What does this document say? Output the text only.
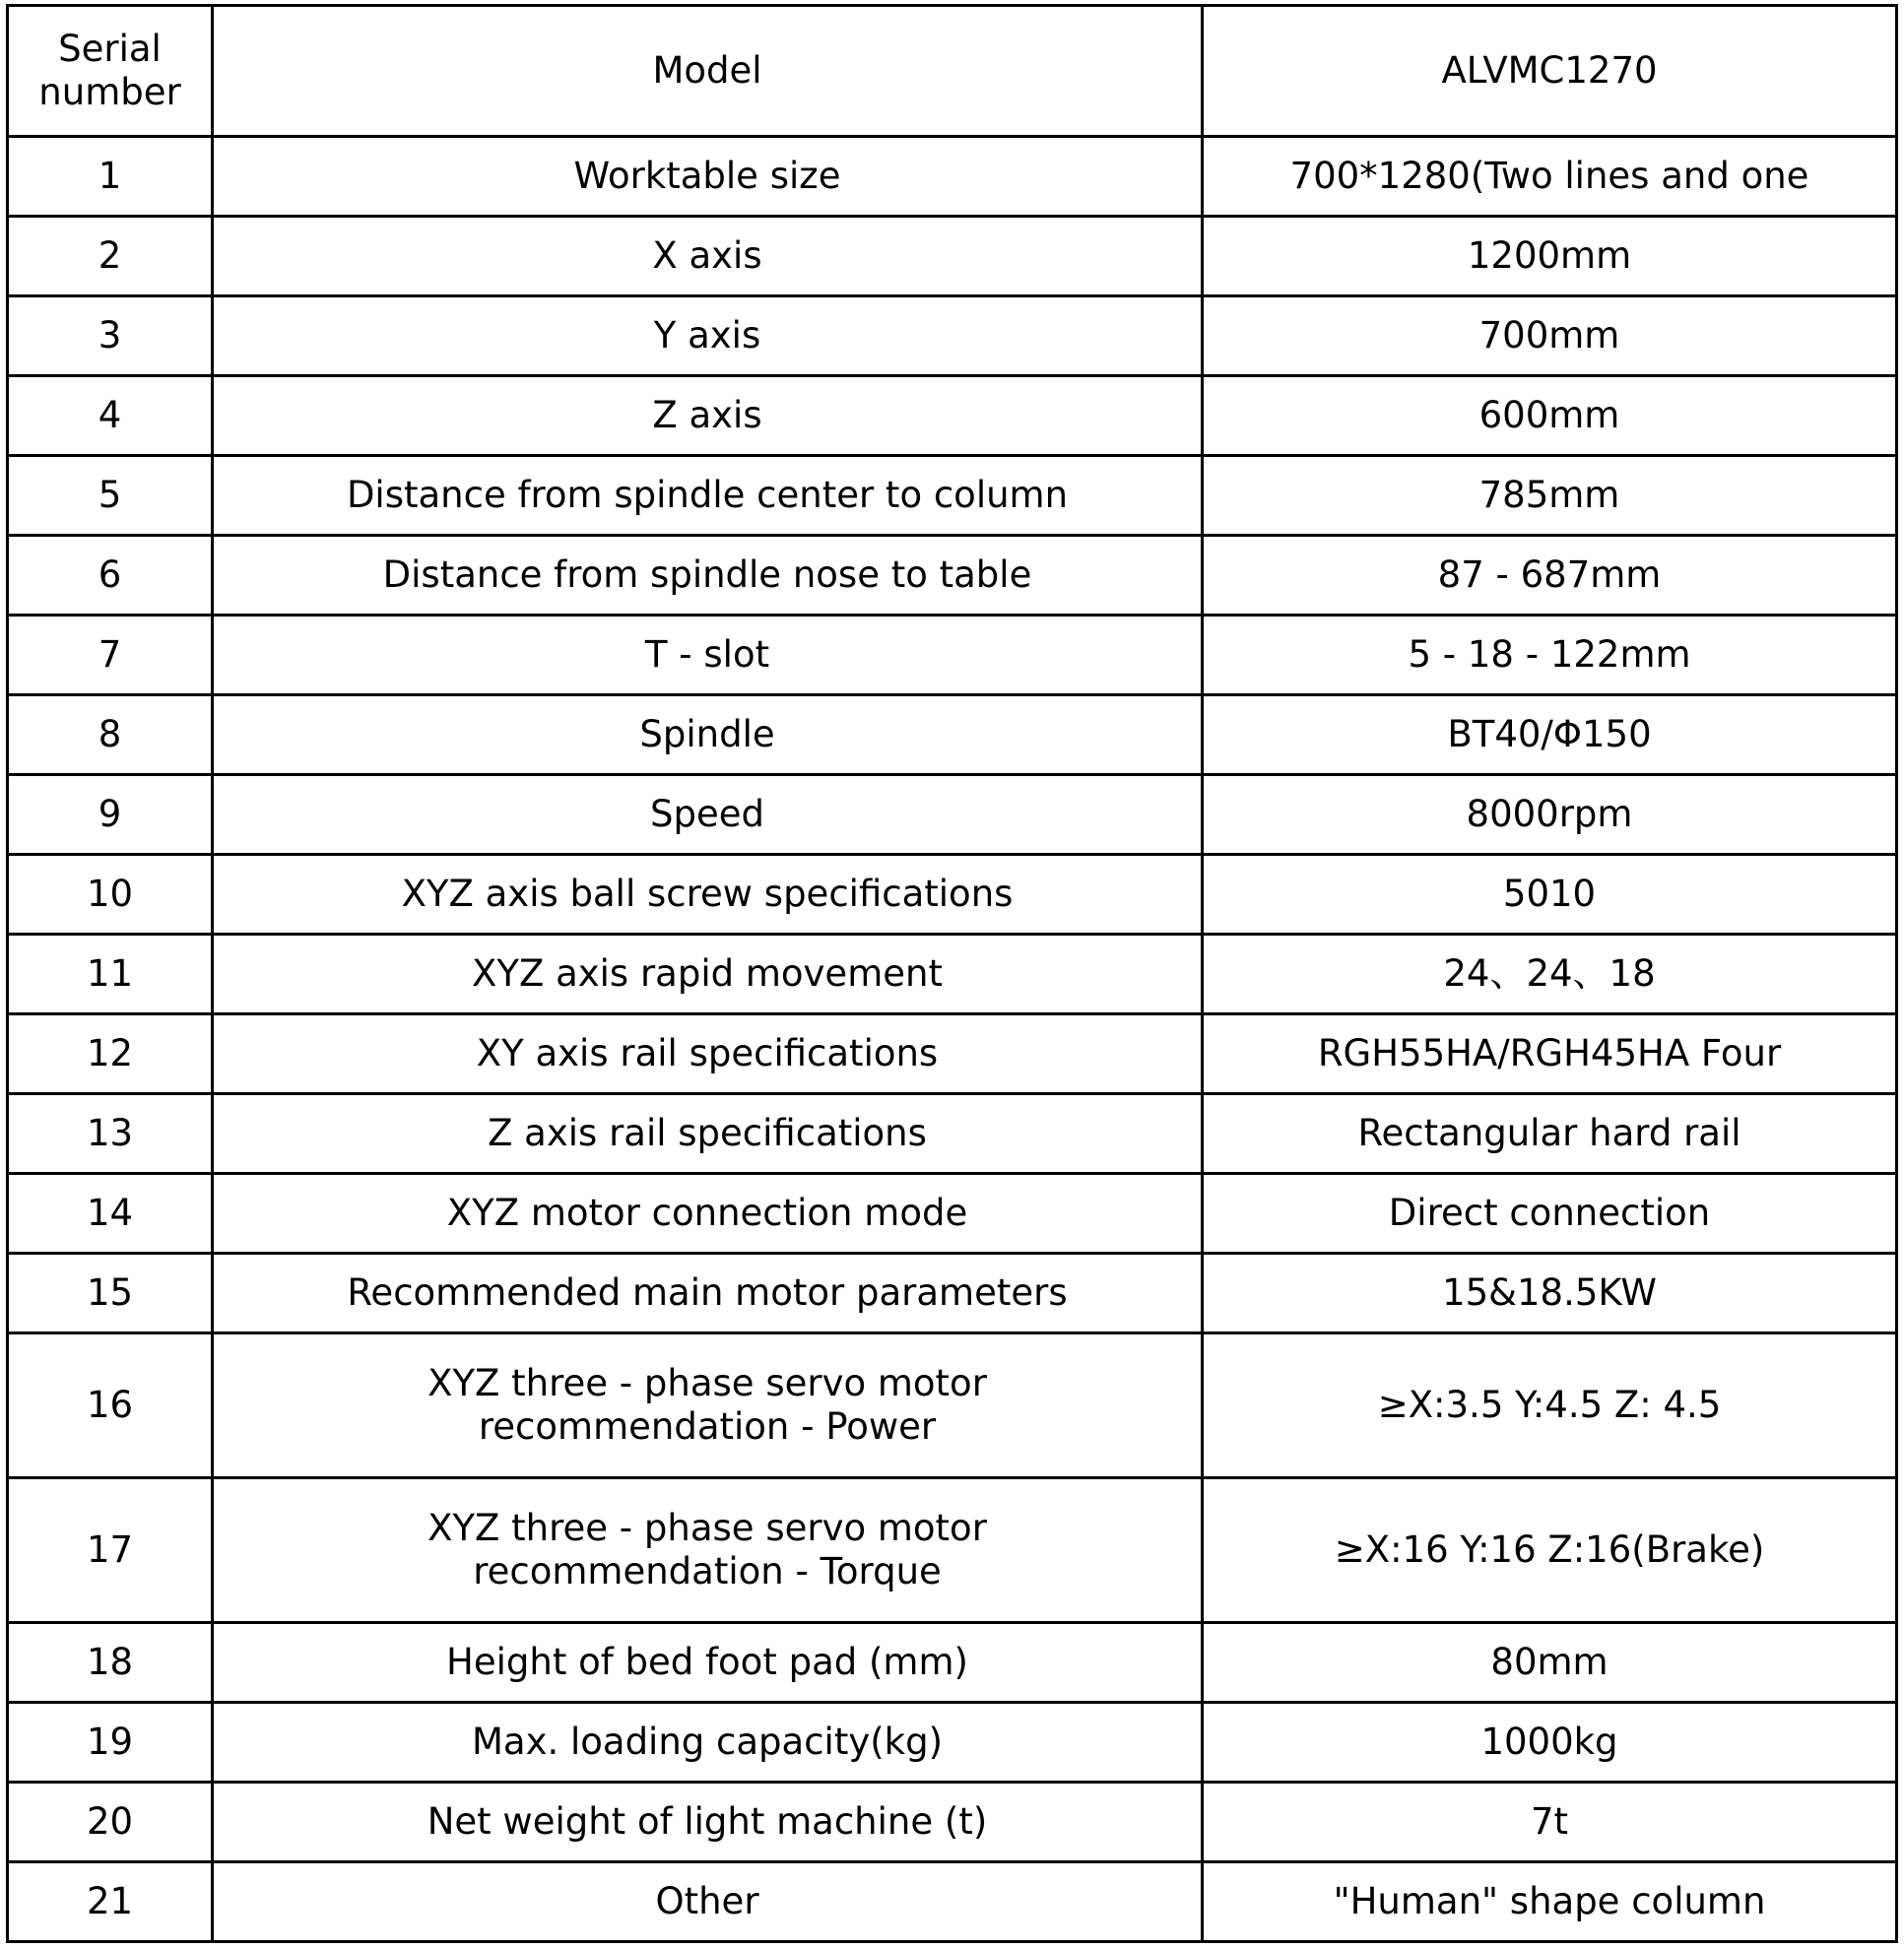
Serial
number	Model	ALVMC1270
1	Worktable size	700*1280(Two lines and one
2	X axis	1200mm
3	Y axis	700mm
4	Z axis	600mm
5	Distance from spindle center to column	785mm
6	Distance from spindle nose to table	87 - 687mm
7	T - slot	5 - 18 - 122mm
8	Spindle	BT40/Φ150
9	Speed	8000rpm
10	XYZ axis ball screw specifications	5010
11	XYZ axis rapid movement	24、24、18
12	XY axis rail specifications	RGH55HA/RGH45HA Four
13	Z axis rail specifications	Rectangular hard rail
14	XYZ motor connection mode	Direct connection
15	Recommended main motor parameters	15&18.5KW
16	XYZ three - phase servo motor
recommendation - Power	≥X:3.5 Y:4.5 Z: 4.5
17	XYZ three - phase servo motor
recommendation - Torque	≥X:16 Y:16 Z:16(Brake)
18	Height of bed foot pad (mm)	80mm
19	Max. loading capacity(kg)	1000kg
20	Net weight of light machine (t)	7t
21	Other	"Human" shape column
